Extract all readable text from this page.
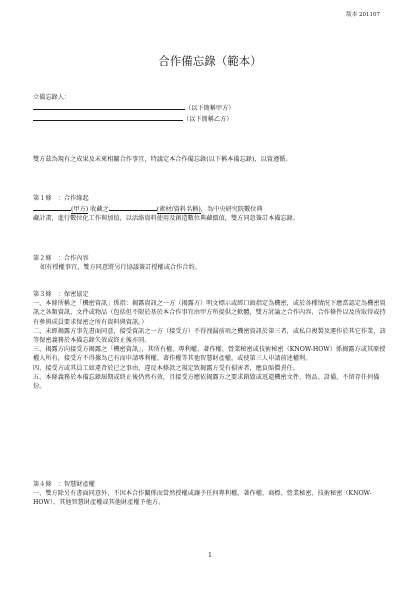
版本 201107
合作備忘錄（範本）

立備忘錄人：

（以下簡稱甲方）

（以下簡稱乙方）

雙方茲為現有之成果及未來相關合作事宜，特議定本合作備忘錄(以下稱本備忘錄)，以資遵循。

第１條　：合作緣起

(甲方) 收藏之	(素材/資料名稱)，為中央研究院數位典

藏計畫，進行數位化工作與加值，以活絡資料使用及創造數位典藏價值，雙方同意簽訂本備忘錄。

第２條　：合作內容

如有授權事宜，雙方同意將另行協議簽訂授權或合作合約。

第３條　：保密協定

一、本條所稱之「機密資訊」係指：揭露資訊之一方（揭露方）明文標示或經口頭指定為機密，或於各種情況下應當認定為機密資訊之各類資訊、文件或物品（包括但不限於基於本合作事宜由甲方所提供之軟體，雙方討論之合作內容，合作條件以及所取得或持有參與成員要求保密之所有資料與資訊。）

二、未經揭露方事先書面同意，接受資訊之一方（接受方）不得洩漏前項之機密資訊於第三者，或私自複製及運作於其它作業，該等保密義務於本備忘錄失效或終止後亦同。

三、揭露方向接受方揭露之「機密資訊」，其所有權、專利權、著作權、營業秘密或技術秘密（KNOW-HOW）係揭露方或其原授權人所有，接受方不得據為己有而申請專利權、著作權等其他智慧財產權，或使第三人申請前述權利。

四、接受方或其員工如違背於已之事由，違反本條款之規定致揭露方受有損害者，應負賠償責任。

五、本條義務於本備忘錄屆期或終止後仍然有效，且接受方應依揭露方之要求銷毀或返還機密文件、物品、設備，不留存任何備份。

第４條　：智慧財產權

一、雙方除另有書面同意外，不因本合作關係而當然授權或讓予任何專利權、著作權、商標、營業秘密、技術秘密（KNOW-HOW）、其他智慧財產權或其他財產權予他方。

1
